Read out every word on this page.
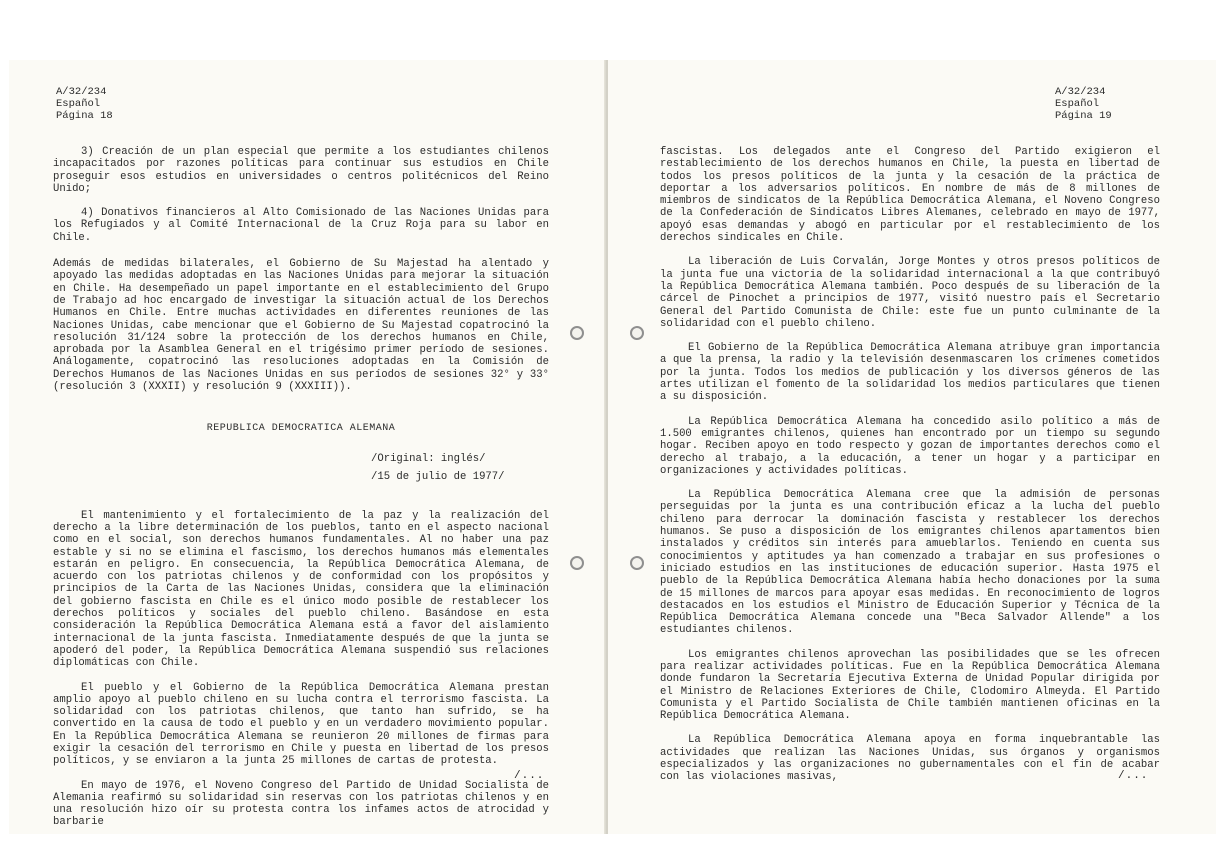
A/32/234
Español
Página 18

3) Creación de un plan especial que permite a los estudiantes chilenos incapacitados por razones políticas para continuar sus estudios en Chile proseguir esos estudios en universidades o centros politécnicos del Reino Unido;

4) Donativos financieros al Alto Comisionado de las Naciones Unidas para los Refugiados y al Comité Internacional de la Cruz Roja para su labor en Chile.

Además de medidas bilaterales, el Gobierno de Su Majestad ha alentado y apoyado las medidas adoptadas en las Naciones Unidas para mejorar la situación en Chile. Ha desempeñado un papel importante en el establecimiento del Grupo de Trabajo ad hoc encargado de investigar la situación actual de los Derechos Humanos en Chile. Entre muchas actividades en diferentes reuniones de las Naciones Unidas, cabe mencionar que el Gobierno de Su Majestad copatrocinó la resolución 31/124 sobre la protección de los derechos humanos en Chile, aprobada por la Asamblea General en el trigésimo primer período de sesiones. Análogamente, copatrocinó las resoluciones adoptadas en la Comisión de Derechos Humanos de las Naciones Unidas en sus períodos de sesiones 32° y 33° (resolución 3 (XXXII) y resolución 9 (XXXIII)).

REPUBLICA DEMOCRATICA ALEMANA
/Original: inglés/
/15 de julio de 1977/

El mantenimiento y el fortalecimiento de la paz y la realización del derecho a la libre determinación de los pueblos, tanto en el aspecto nacional como en el social, son derechos humanos fundamentales. Al no haber una paz estable y si no se elimina el fascismo, los derechos humanos más elementales estarán en peligro. En consecuencia, la República Democrática Alemana, de acuerdo con los patriotas chilenos y de conformidad con los propósitos y principios de la Carta de las Naciones Unidas, considera que la eliminación del gobierno fascista en Chile es el único modo posible de restablecer los derechos políticos y sociales del pueblo chileno. Basándose en esta consideración la República Democrática Alemana está a favor del aislamiento internacional de la junta fascista. Inmediatamente después de que la junta se apoderó del poder, la República Democrática Alemana suspendió sus relaciones diplomáticas con Chile.

El pueblo y el Gobierno de la República Democrática Alemana prestan amplio apoyo al pueblo chileno en su lucha contra el terrorismo fascista. La solidaridad con los patriotas chilenos, que tanto han sufrido, se ha convertido en la causa de todo el pueblo y en un verdadero movimiento popular. En la República Democrática Alemana se reunieron 20 millones de firmas para exigir la cesación del terrorismo en Chile y puesta en libertad de los presos políticos, y se enviaron a la junta 25 millones de cartas de protesta.

En mayo de 1976, el Noveno Congreso del Partido de Unidad Socialista de Alemania reafirmó su solidaridad sin reservas con los patriotas chilenos y en una resolución hizo oír su protesta contra los infames actos de atrocidad y barbarie

/...
A/32/234
Español
Página 19

fascistas. Los delegados ante el Congreso del Partido exigieron el restablecimiento de los derechos humanos en Chile, la puesta en libertad de todos los presos políticos de la junta y la cesación de la práctica de deportar a los adversarios políticos. En nombre de más de 8 millones de miembros de sindicatos de la República Democrática Alemana, el Noveno Congreso de la Confederación de Sindicatos Libres Alemanes, celebrado en mayo de 1977, apoyó esas demandas y abogó en particular por el restablecimiento de los derechos sindicales en Chile.

La liberación de Luis Corvalán, Jorge Montes y otros presos políticos de la junta fue una victoria de la solidaridad internacional a la que contribuyó la República Democrática Alemana también. Poco después de su liberación de la cárcel de Pinochet a principios de 1977, visitó nuestro país el Secretario General del Partido Comunista de Chile: este fue un punto culminante de la solidaridad con el pueblo chileno.

El Gobierno de la República Democrática Alemana atribuye gran importancia a que la prensa, la radio y la televisión desenmascaren los crímenes cometidos por la junta. Todos los medios de publicación y los diversos géneros de las artes utilizan el fomento de la solidaridad los medios particulares que tienen a su disposición.

La República Democrática Alemana ha concedido asilo político a más de 1.500 emigrantes chilenos, quienes han encontrado por un tiempo su segundo hogar. Reciben apoyo en todo respecto y gozan de importantes derechos como el derecho al trabajo, a la educación, a tener un hogar y a participar en organizaciones y actividades políticas.

La República Democrática Alemana cree que la admisión de personas perseguidas por la junta es una contribución eficaz a la lucha del pueblo chileno para derrocar la dominación fascista y restablecer los derechos humanos. Se puso a disposición de los emigrantes chilenos apartamentos bien instalados y créditos sin interés para amueblarlos. Teniendo en cuenta sus conocimientos y aptitudes ya han comenzado a trabajar en sus profesiones o iniciado estudios en las instituciones de educación superior. Hasta 1975 el pueblo de la República Democrática Alemana había hecho donaciones por la suma de 15 millones de marcos para apoyar esas medidas. En reconocimiento de logros destacados en los estudios el Ministro de Educación Superior y Técnica de la República Democrática Alemana concede una "Beca Salvador Allende" a los estudiantes chilenos.

Los emigrantes chilenos aprovechan las posibilidades que se les ofrecen para realizar actividades políticas. Fue en la República Democrática Alemana donde fundaron la Secretaría Ejecutiva Externa de Unidad Popular dirigida por el Ministro de Relaciones Exteriores de Chile, Clodomiro Almeyda. El Partido Comunista y el Partido Socialista de Chile también mantienen oficinas en la República Democrática Alemana.

La República Democrática Alemana apoya en forma inquebrantable las actividades que realizan las Naciones Unidas, sus órganos y organismos especializados y las organizaciones no gubernamentales con el fin de acabar con las violaciones masivas,	/...
